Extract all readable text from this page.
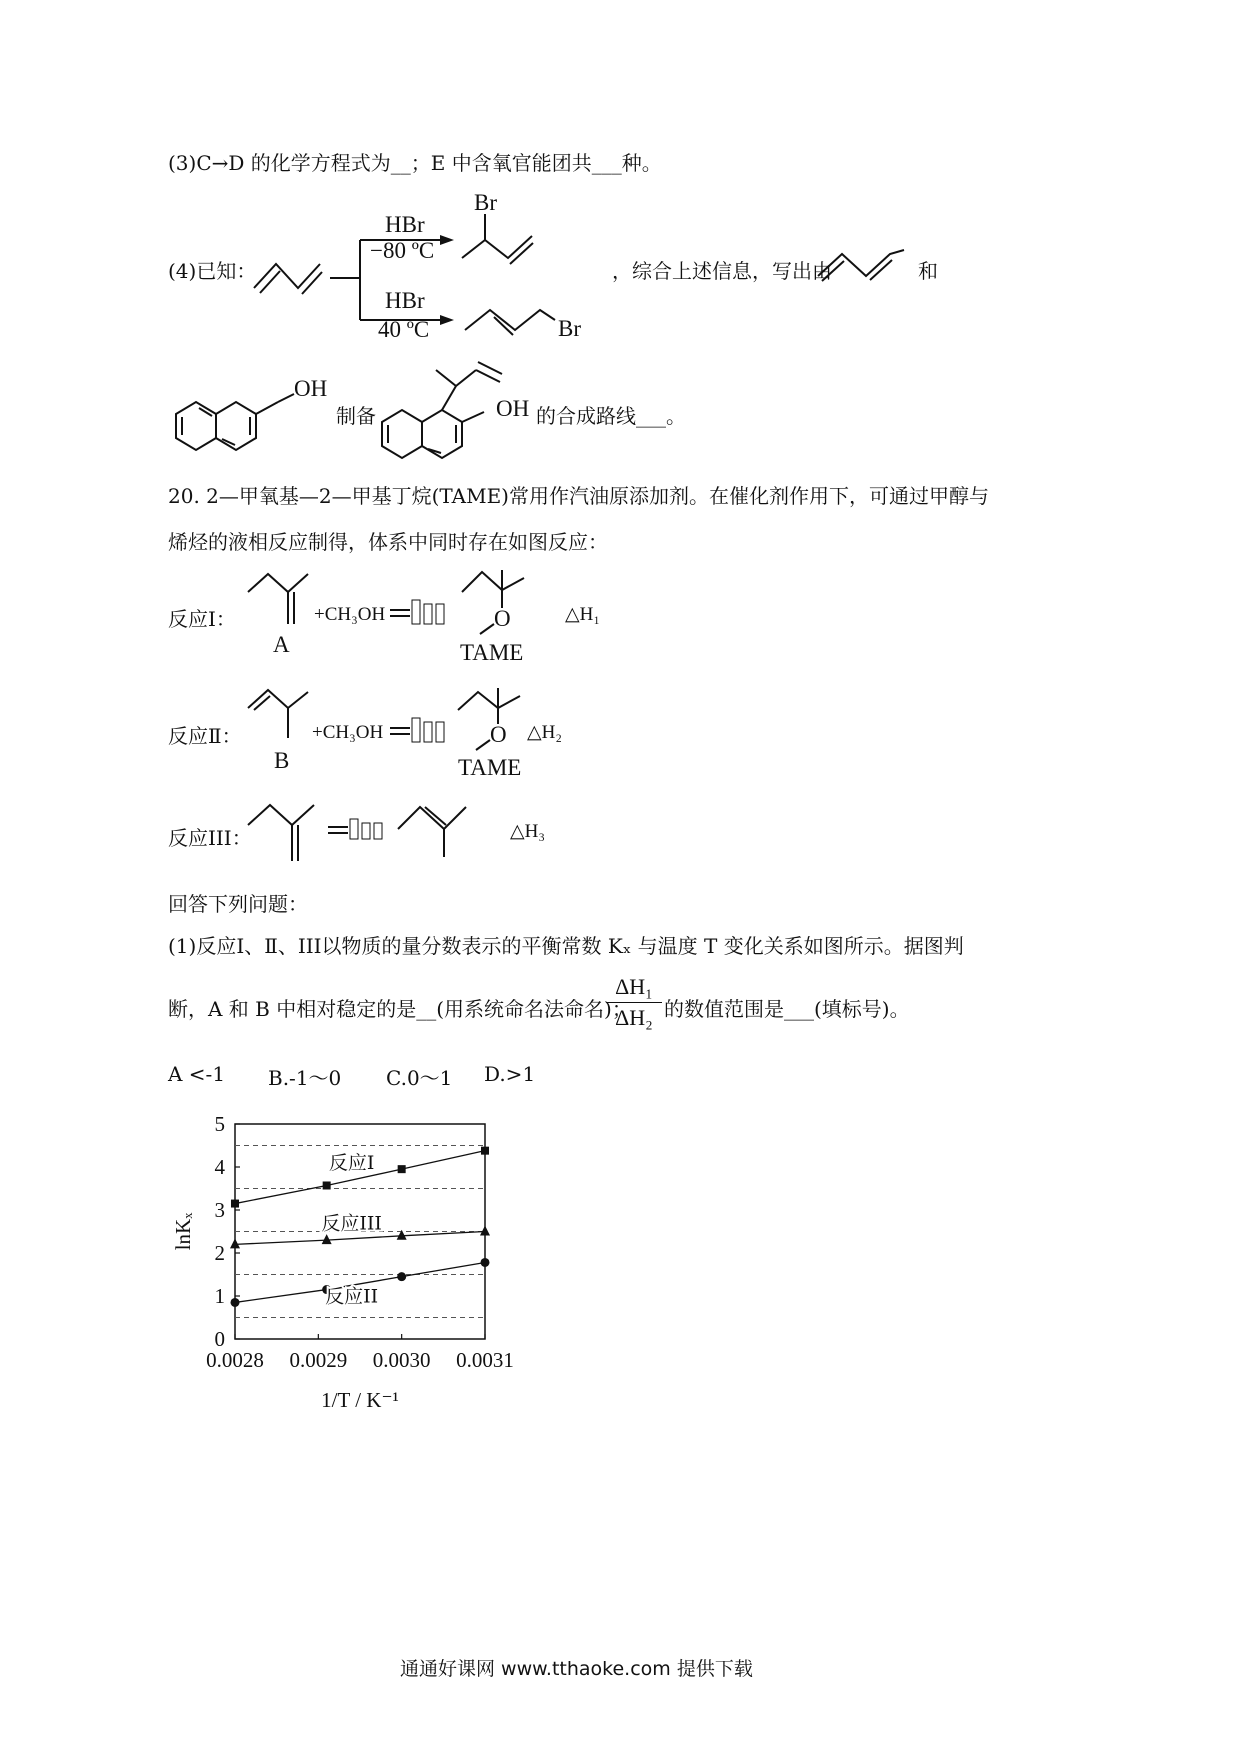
(3)C→D 的化学方程式为__；E 中含氧官能团共___种。
(4)已知：
HBr
−80 ºC
HBr
40 ºC
Br
Br
，综合上述信息，写出由	和
OH
制备	OH 的合成路线___。
20. 2—甲氧基—2—甲基丁烷(TAME)常用作汽油原添加剂。在催化剂作用下，可通过甲醇与
烯烃的液相反应制得，体系中同时存在如图反应：
反应Ⅰ：
A
+CH₃OH	O
TAME
△H₁
反应Ⅱ：
B
+CH₃OH	O
TAME
△H₂
反应III：	△H₃
回答下列问题：
(1)反应Ⅰ、Ⅱ、III以物质的量分数表示的平衡常数 Kₓ 与温度 T 变化关系如图所示。据图判
断，A 和 B 中相对稳定的是__(用系统命名法命名)；
ΔH₁
ΔH₂ 的数值范围是___(填标号)。
A <-1 B.-1～0 C.0～1 D.>1
0
1
2
3
4
5
0.0028 0.0029 0.0030 0.0031
lnKₓ
1/T / K⁻¹
反应I
反应III
反应II
通通好课网 www.tthaoke.com 提供下载
